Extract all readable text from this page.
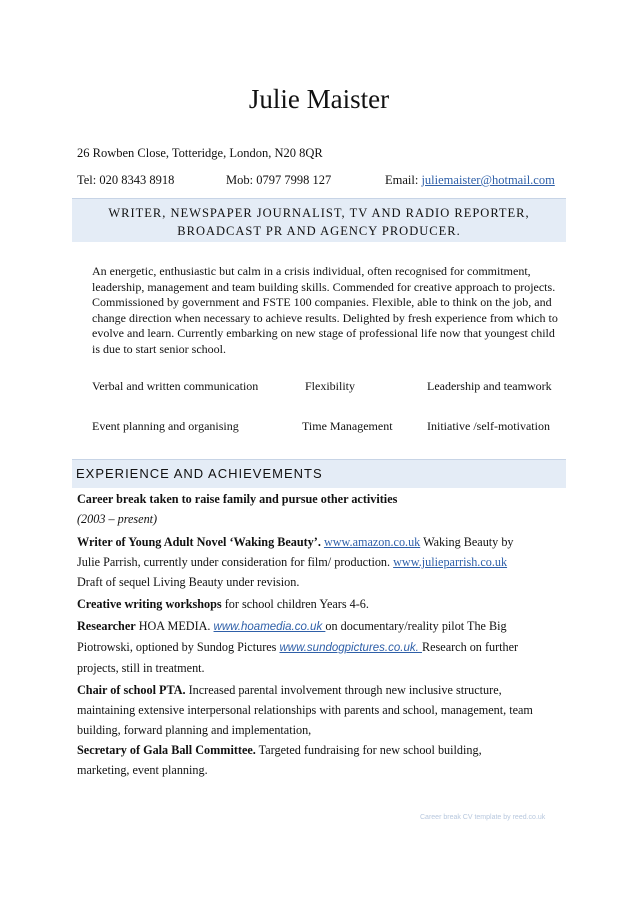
Julie Maister
26 Rowben Close, Totteridge, London, N20 8QR
Tel: 020 8343 8918	Mob: 0797 7998 127	Email: juliemaister@hotmail.com
WRITER, NEWSPAPER JOURNALIST, TV AND RADIO REPORTER,
BROADCAST PR AND AGENCY PRODUCER.
An energetic, enthusiastic but calm in a crisis individual, often recognised for commitment, leadership, management and team building skills. Commended for creative approach to projects. Commissioned by government and FSTE 100 companies. Flexible, able to think on the job, and change direction when necessary to achieve results. Delighted by fresh experience from which to evolve and learn. Currently embarking on new stage of professional life now that youngest child is due to start senior school.
Verbal and written communication	Flexibility	Leadership and teamwork
Event planning and organising	Time Management	Initiative /self-motivation
EXPERIENCE AND ACHIEVEMENTS
Career break taken to raise family and pursue other activities
(2003 – present)
Writer of Young Adult Novel ‘Waking Beauty’. www.amazon.co.uk Waking Beauty by
Julie Parrish, currently under consideration for film/ production. www.julieparrish.co.uk
Draft of sequel Living Beauty under revision.
Creative writing workshops for school children Years 4-6.
Researcher HOA MEDIA. www.hoamedia.co.uk on documentary/reality pilot The Big
Piotrowski, optioned by Sundog Pictures www.sundogpictures.co.uk. Research on further
projects, still in treatment.
Chair of school PTA. Increased parental involvement through new inclusive structure,
maintaining extensive interpersonal relationships with parents and school, management, team
building, forward planning and implementation,
Secretary of Gala Ball Committee. Targeted fundraising for new school building,
marketing, event planning.
Career break CV template by reed.co.uk
